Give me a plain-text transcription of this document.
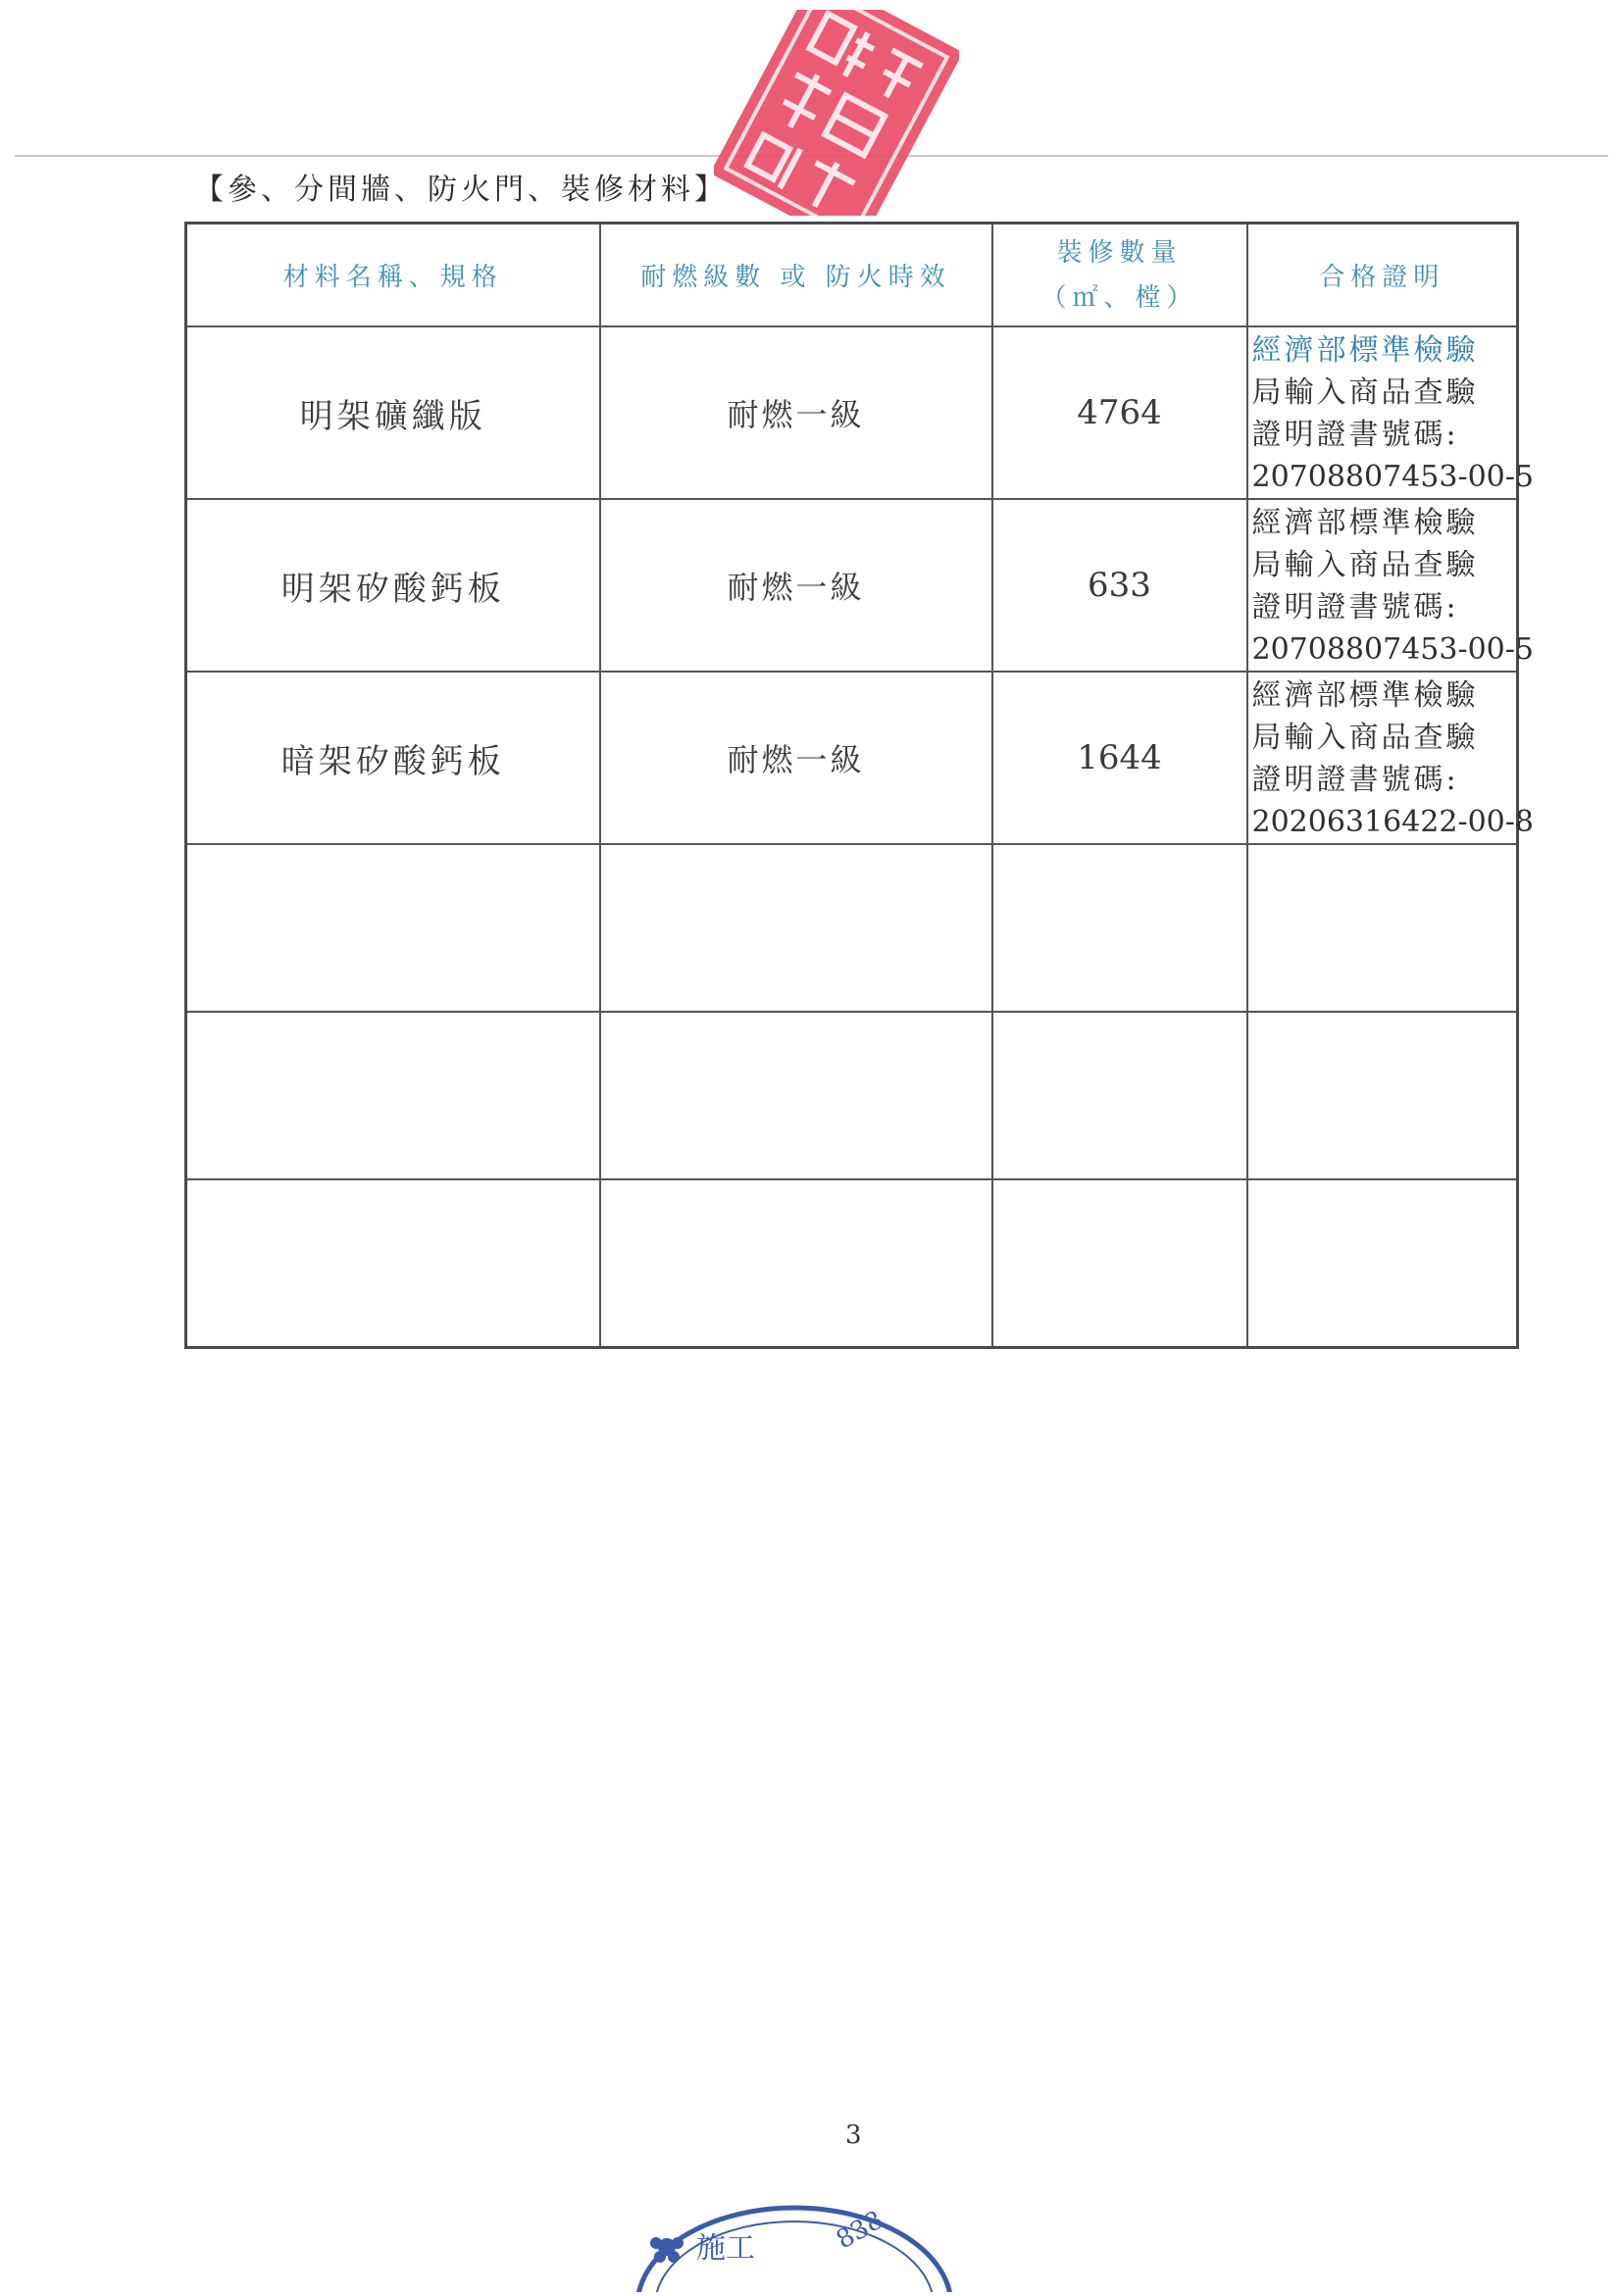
【參、分間牆、防火門、裝修材料】
材料名稱、規格	耐燃級數 或 防火時效	裝修數量
（㎡、樘）	合格證明
明架礦纖版	耐燃一級	4764	經濟部標準檢驗
局輸入商品查驗
證明證書號碼:
20708807453-00-5

明架矽酸鈣板	耐燃一級	633	經濟部標準檢驗
局輸入商品查驗
證明證書號碼:
20708807453-00-5

暗架矽酸鈣板	耐燃一級	1644	經濟部標準檢驗
局輸入商品查驗
證明證書號碼:
20206316422-00-8

3
施工	838
